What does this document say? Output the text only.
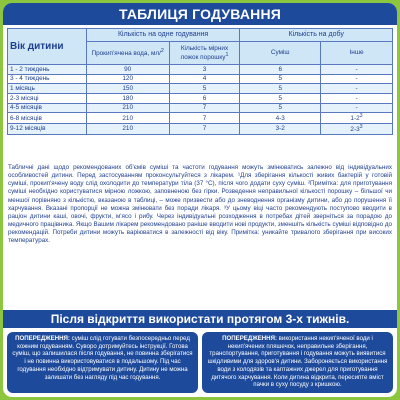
ТАБЛИЦЯ ГОДУВАННЯ
Вік дитини	Кількість на одне годування		Кількість на добу	
	Прокип'ячена вода, мл/$^2$	Кількість мірних ложок порошку$^1$	Суміш	Інше
1 - 2 тиждень	90	3	6	-
3 - 4 тиждень	120	4	5	-
1 місяць	150	5	5	-
2-3 місяці	180	6	5	-
4-5 місяців	210	7	5	-
6-8 місяців	210	7	4-3	$1-2^3$
9-12 місяців	210	7	3-2	$2-3^3$
Табличні дані щодо рекомендованих об'ємів суміші та частоти годування можуть змінюватись залежно від індивідуальних особливостей дитини. Перед застосуванням проконсультуйтеся з лікарем. ¹Для зберігання кількості живих бактерій у готовій суміші, прокип'ячену воду слід охолодити до температури тіла (37 °C), після чого додати суху суміш. ²Примітка: для приготування суміші необхідно користуватися мірною ложкою, заповненою без гірки. Розведення неправильної кількості порошку – більшої чи меншої порівняно з кількістю, вказаною в таблиці, – може призвести або до зневоднення організму дитини, або до порушення її харчування. Вказані пропорції не можна змінювати без поради лікаря. ³У цьому віці часто рекомендують поступово вводити в раціон дитини каші, овочі, фрукти, м'ясо і рибу. Через індивідуальні розходження в потребах дітей зверніться за порадою до медичного працівника. Якщо Вашим лікарем рекомендовано раніше вводити нові продукти, зменшіть кількість суміші відповідно до рекомендацій. Потреби дитини можуть варіюватися в залежності від віку. Примітка: уникайте тривалого зберігання при високих температурах.
Після відкриття використати протягом 3-х тижнів.
ПОПЕРЕДЖЕННЯ: суміш слід готувати безпосередньо перед кожним годуванням. Суворо дотримуйтесь інструкції. Готова суміш, що залишилася після годування, не повинна зберігатися і не повинна використовуватися в подальшому. Під час годування необхідно відтримувати дитину. Дитину не можна залишати без нагляду під час годування.
ПОПЕРЕДЖЕННЯ: використання некип'яченої води і некип'ячених пляшечок, неправильне зберігання, транспортування, приготування і годування можуть виявитися шкідливими для здоров'я дитини. Забороняється використання води з колодязів та каптажних джерел для приготування дитячого харчування. Коли дитина відкрита, пересипте вміст пачки в суху посуду з кришкою.
